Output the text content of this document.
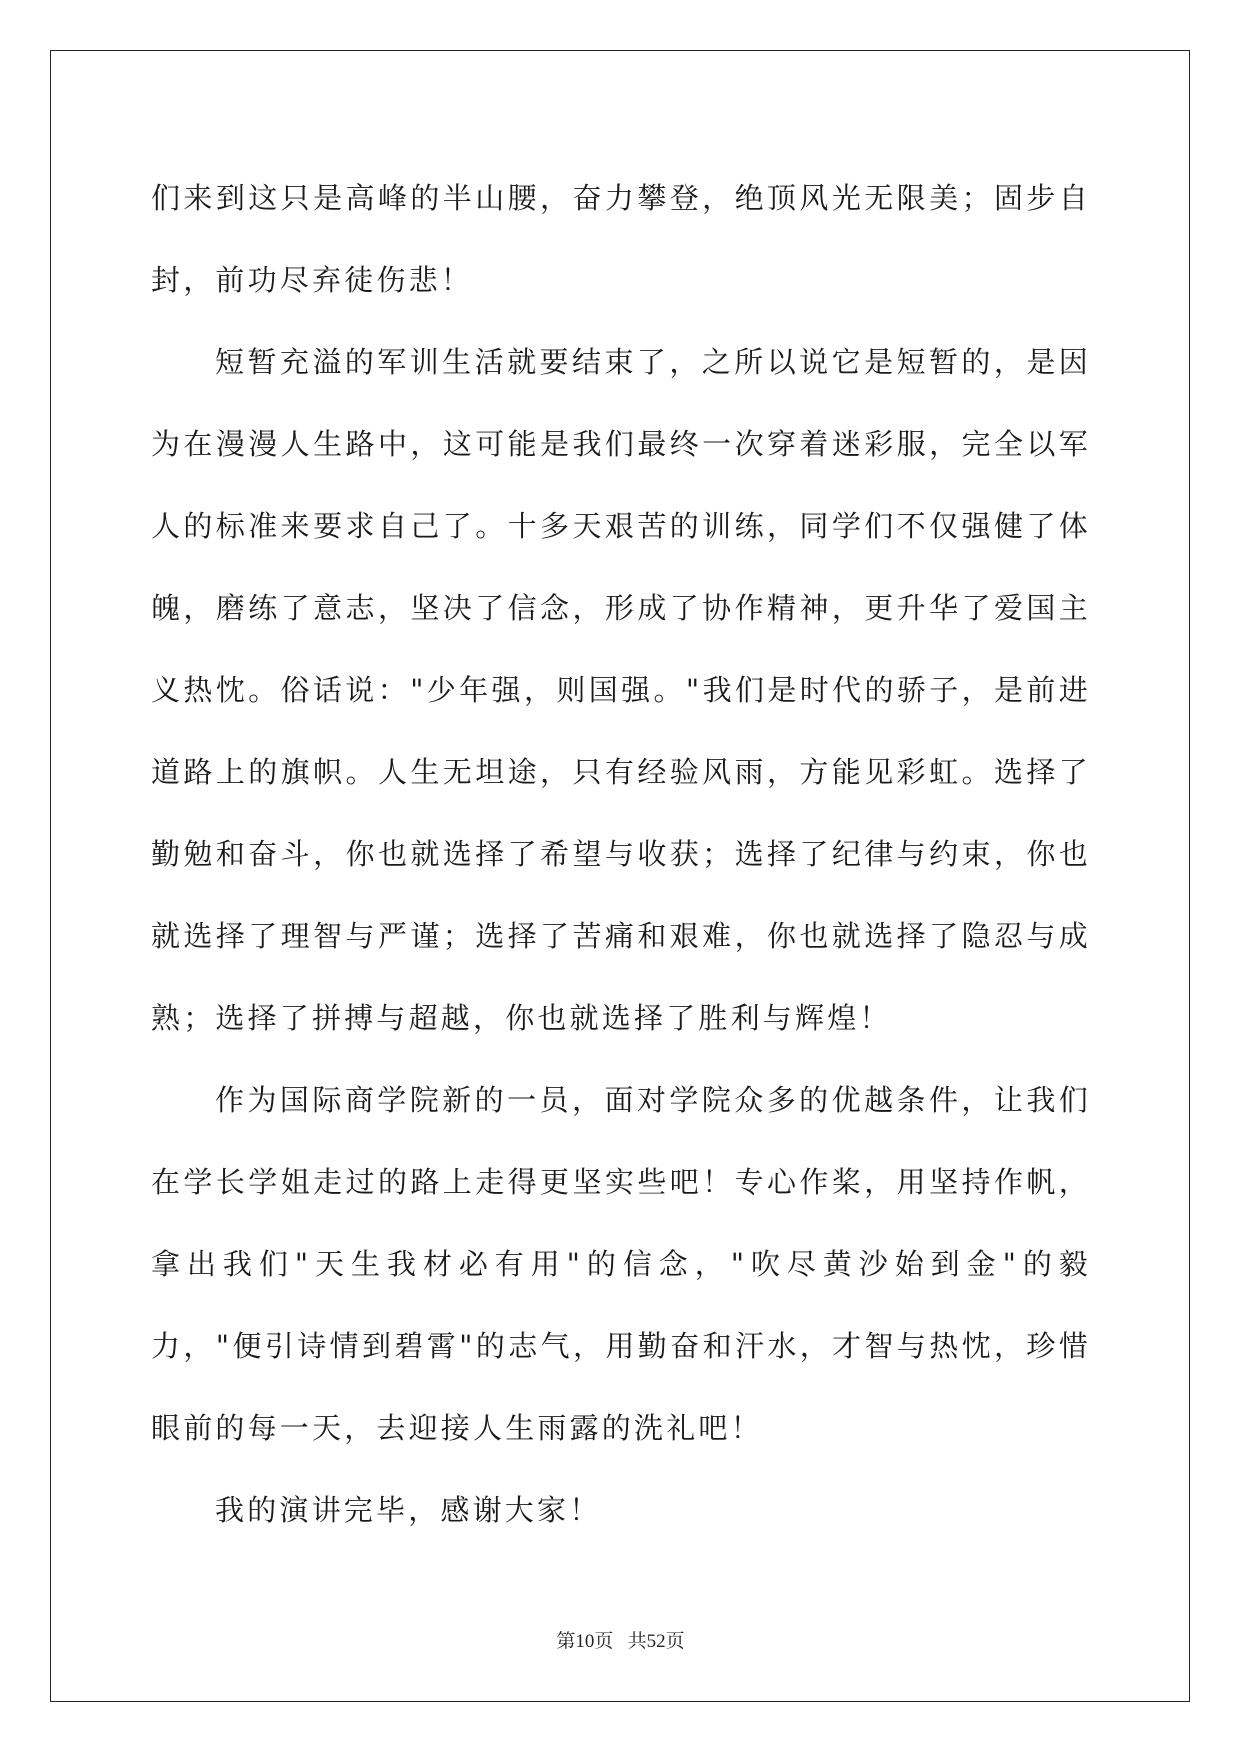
们来到这只是高峰的半山腰，奋力攀登，绝顶风光无限美；固步自封，前功尽弃徒伤悲！

短暂充溢的军训生活就要结束了，之所以说它是短暂的，是因为在漫漫人生路中，这可能是我们最终一次穿着迷彩服，完全以军人的标准来要求自己了。十多天艰苦的训练，同学们不仅强健了体魄，磨练了意志，坚决了信念，形成了协作精神，更升华了爱国主义热忱。俗话说："少年强，则国强。"我们是时代的骄子，是前进道路上的旗帜。人生无坦途，只有经验风雨，方能见彩虹。选择了勤勉和奋斗，你也就选择了希望与收获；选择了纪律与约束，你也就选择了理智与严谨；选择了苦痛和艰难，你也就选择了隐忍与成熟；选择了拼搏与超越，你也就选择了胜利与辉煌！

作为国际商学院新的一员，面对学院众多的优越条件，让我们在学长学姐走过的路上走得更坚实些吧！专心作桨，用坚持作帆，拿出我们"天生我材必有用"的信念，"吹尽黄沙始到金"的毅力，"便引诗情到碧霄"的志气，用勤奋和汗水，才智与热忱，珍惜眼前的每一天，去迎接人生雨露的洗礼吧！

我的演讲完毕，感谢大家！

第10页   共52页
